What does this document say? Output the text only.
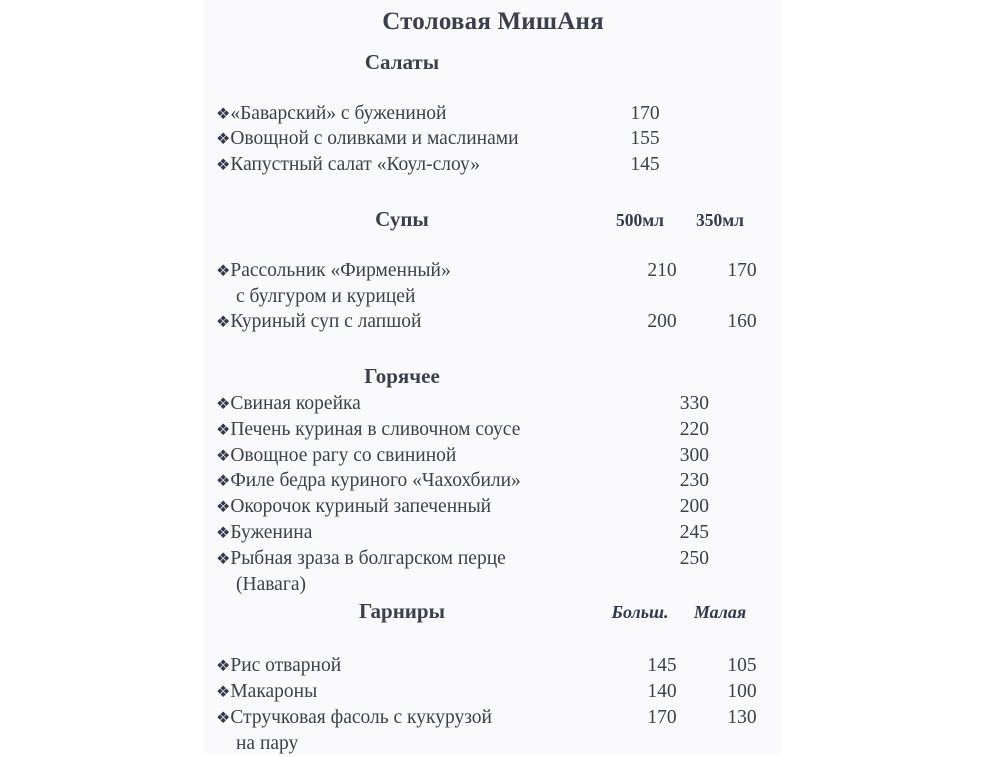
Столовая МишАня
Салаты
❖ «Баварский» с бужениной	170
❖ Овощной с оливками и маслинами	155
❖ Капустный салат «Коул-слоу»	145
Супы	500мл	350мл
❖ Рассольник «Фирменный»	210	170
с булгуром и курицей
❖ Куриный суп с лапшой	200	160
Горячее
❖ Свиная корейка	330
❖ Печень куриная в сливочном соусе	220
❖ Овощное рагу со свининой	300
❖ Филе бедра куриного «Чахохбили»	230
❖ Окорочок куриный запеченный	200
❖ Буженина	245
❖ Рыбная зраза в болгарском перце	250
(Навага)
Гарниры	Больш.	Малая
❖ Рис отварной	145	105
❖ Макароны	140	100
❖ Стручковая фасоль с кукурузой	170	130
на пару
